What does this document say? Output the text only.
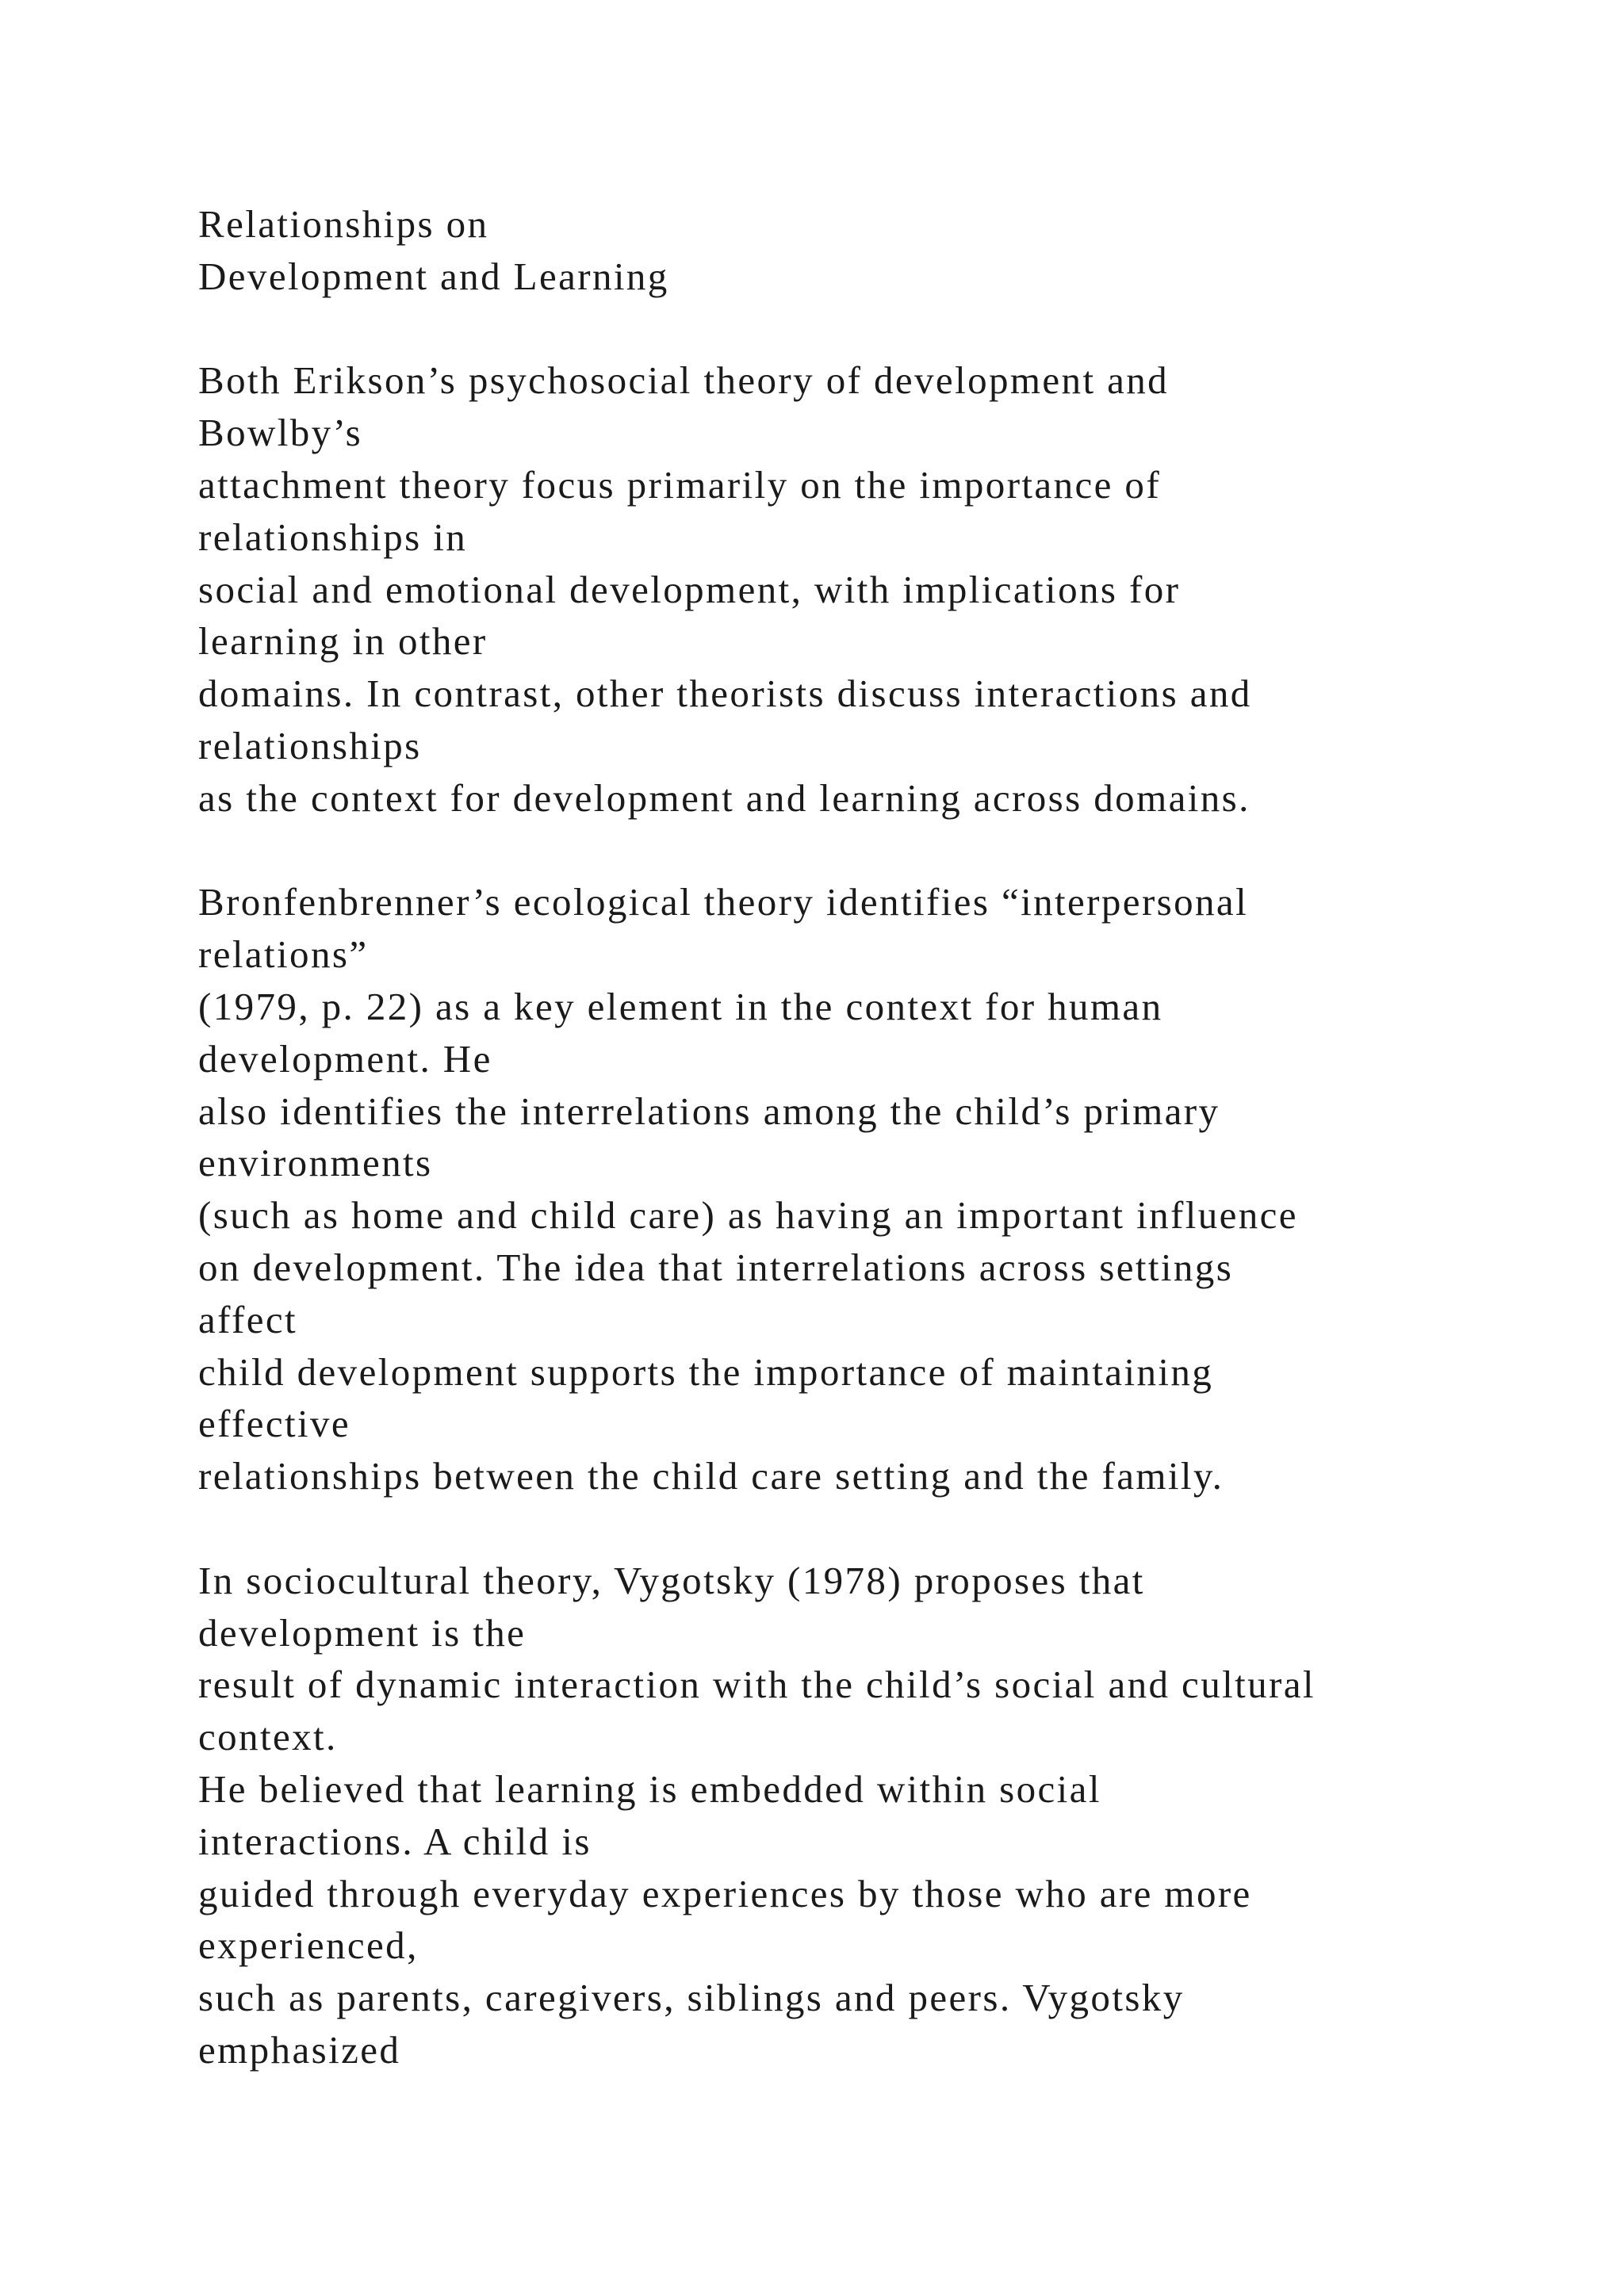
Relationships on
Development and Learning
Both Erikson’s psychosocial theory of development and
Bowlby’s
attachment theory focus primarily on the importance of
relationships in
social and emotional development, with implications for
learning in other
domains. In contrast, other theorists discuss interactions and
relationships
as the context for development and learning across domains.
Bronfenbrenner’s ecological theory identifies “interpersonal
relations”
(1979, p. 22) as a key element in the context for human
development. He
also identifies the interrelations among the child’s primary
environments
(such as home and child care) as having an important influence
on development. The idea that interrelations across settings
affect
child development supports the importance of maintaining
effective
relationships between the child care setting and the family.
In sociocultural theory, Vygotsky (1978) proposes that
development is the
result of dynamic interaction with the child’s social and cultural
context.
He believed that learning is embedded within social
interactions. A child is
guided through everyday experiences by those who are more
experienced,
such as parents, caregivers, siblings and peers. Vygotsky
emphasized
